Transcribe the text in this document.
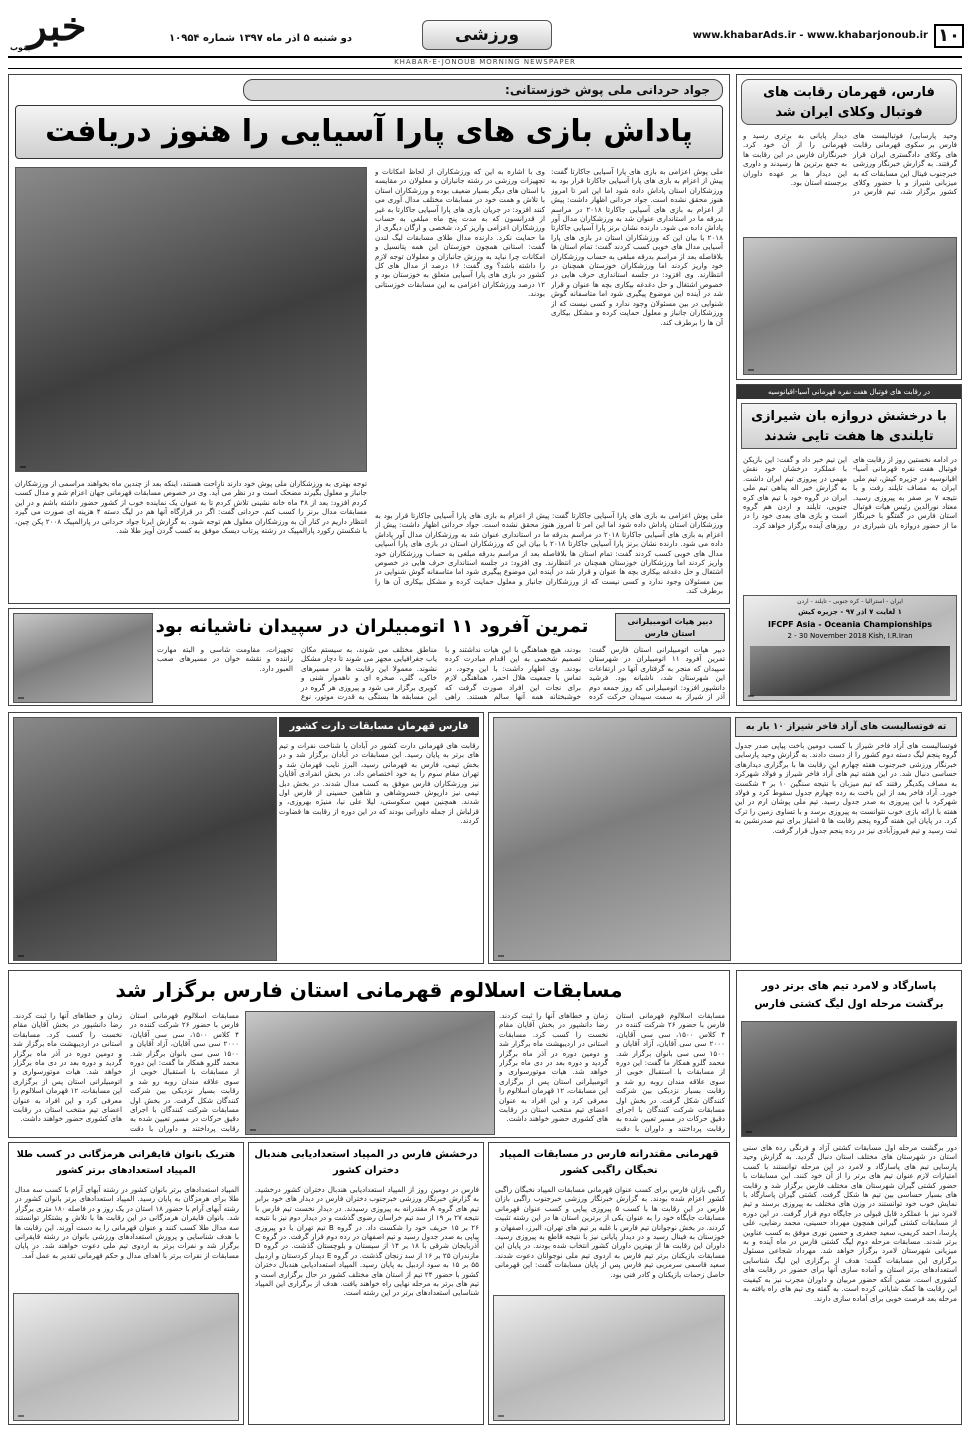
۱۰
www.khabarAds.ir - www.khabarjonoub.ir
ورزشی
دو شنبه ۵ آذر ماه ۱۳۹۷ شماره ۱۰۹۵۴
خبر
جنوب
KHABAR-E-JONOUB MORNING NEWSPAPER
جواد حردانی ملی پوش خوزستانی:
پاداش بازی های پارا آسیایی را هنوز دریافت
ملی پوش اعزامی به بازی های پارا آسیایی جاکارتا گفت: پیش از اعزام به بازی های پارا آسیایی جاکارتا قرار بود به ورزشکاران استان پاداش داده شود اما این امر تا امروز هنوز محقق نشده است. جواد حردانی اظهار داشت: پیش از اعزام به بازی های آسیایی جاکارتا ۲۰۱۸ در مراسم بدرقه ما در استانداری عنوان شد به ورزشکاران مدال آور پاداش داده می شود. دارنده نشان برنز پارا آسیایی جاکارتا ۲۰۱۸ با بیان این که ورزشکاران استان در بازی های پارا آسیایی مدال های خوبی کسب کردند گفت: تمام استان ها بلافاصله بعد از مراسم بدرقه مبلغی به حساب ورزشکاران خود واریز کردند اما ورزشکاران خوزستان همچنان در انتظارند. وی افزود: در جلسه استانداری حرف هایی در خصوص اشتغال و حل دغدغه بیکاری بچه ها عنوان و قرار شد در آینده این موضوع پیگیری شود اما متاسفانه گوش شنوایی در بین مسئولان وجود ندارد و کسی نیست که از ورزشکاران جانباز و معلول حمایت کرده و مشکل بیکاری آن ها را برطرف کند.
وی با اشاره به این که ورزشکاران از لحاظ امکانات و تجهیزات ورزشی در رشته جانبازان و معلولان در مقایسه با استان های دیگر بسیار ضعیف بوده و ورزشکاران استان با تلاش و همت خود در مسابقات مختلف مدال آوری می کنند افزود: در جریان بازی های پارا آسیایی جاکارتا به غیر از قدرانسون که به مدت پنج ماه مبلغی به حساب ورزشکاران اعزامی واریز کرد، شخصی و ارگان دیگری از ما حمایت نکرد. دارنده مدال طلای مسابقات لیگ لندن گفت: استانی همچون خوزستان این همه پتانسیل و امکانات چرا نباید به ورزش جانبازان و معلولان توجه لازم را داشته باشد؟ وی گفت: ۱۶ درصد از مدال های کل کشور در بازی های پارا آسیایی متعلق به خوزستان بود و ۱۲ درصد ورزشکاران اعزامی به این مسابقات خوزستانی بودند.
توجه بهتری به ورزشکاران ملی پوش خود دارند ناراحت هستند، اینکه بعد از چندین ماه بخواهند مراسمی از ورزشکاران جانباز و معلول بگیرند مضحک است و در نظر می آید. وی در خصوص مسابقات قهرمانی جهان اعزام شم و مدال کسب کردم افزود: بعد از ۴۸ ماه خانه نشینی تلاش کردم تا به عنوان یک نماینده خوب از کشور حضور داشته باشم و در این مسابقات مدال برنز را کسب کنم. حردانی گفت: اگر در قرارگاه آنها هم در لیگ دسته ۴ هزینه ای صورت می گیرد انتظار داریم در کنار آن به ورزشکاران معلول هم توجه شود. به گزارش ایرنا جواد حردانی در پارالمپیک ۲۰۰۸ پکن چین، با شکستن رکورد پارالمپیک در رشته پرتاب دیسک موفق به کسب گردن آویز طلا شد.
ملی پوش اعزامی به بازی های پارا آسیایی جاکارتا گفت: پیش از اعزام به بازی های پارا آسیایی جاکارتا قرار بود به ورزشکاران استان پاداش داده شود اما این امر تا امروز هنوز محقق نشده است. جواد حردانی اظهار داشت: پیش از اعزام به بازی های آسیایی جاکارتا ۲۰۱۸ در مراسم بدرقه ما در استانداری عنوان شد به ورزشکاران مدال آور پاداش داده می شود. دارنده نشان برنز پارا آسیایی جاکارتا ۲۰۱۸ با بیان این که ورزشکاران استان در بازی های پارا آسیایی مدال های خوبی کسب کردند گفت: تمام استان ها بلافاصله بعد از مراسم بدرقه مبلغی به حساب ورزشکاران خود واریز کردند اما ورزشکاران خوزستان همچنان در انتظارند. وی افزود: در جلسه استانداری حرف هایی در خصوص اشتغال و حل دغدغه بیکاری بچه ها عنوان و قرار شد در آینده این موضوع پیگیری شود اما متاسفانه گوش شنوایی در بین مسئولان وجود ندارد و کسی نیست که از ورزشکاران جانباز و معلول حمایت کرده و مشکل بیکاری آن ها را برطرف کند.
فارس، قهرمان رقابت های فوتبال وکلای ایران شد
وحید پارسایی/ فوتبالیست های فارس بر سکوی قهرمانی رقابت های وکلای دادگستری ایران قرار گرفتند. به گزارش خبرنگار ورزشی خبرجنوب فینال این مسابقات که به میزبانی شیراز و با حضور وکلای کشور برگزار شد، تیم فارس در دیدار پایانی به برتری رسید و قهرمانی را از آن خود کرد. خبرنگاران فارس در این رقابت ها به جمع برترین ها رسیدند و داوری این دیدار ها بر عهده داوران برجسته استان بود.
در رقابت های فوتبال هفت نفره قهرمانی آسیا-اقیانوسیه
با درخشش دروازه بان شیرازی تایلندی ها هفت تایی شدند
در ادامه نخستین روز از رقابت های فوتبال هفت نفره قهرمانی آسیا-اقیانوسیه در جزیره کیش، تیم ملی ایران به مصاف تایلند رفت و با نتیجه ۷ بر صفر به پیروزی رسید. معتاد نورالدین رئیس هیات فوتبال استان فارس در گفتگو با خبرنگار ما از حضور دروازه بان شیرازی در این تیم خبر داد و گفت: این بازیکن با عملکرد درخشان خود نقش مهمی در پیروزی تیم ایران داشت. به گزارش خبر اله پناهی تیم ملی ایران در گروه خود با تیم های کره جنوبی، تایلند و اردن هم گروه است و بازی های بعدی خود را در روزهای آینده برگزار خواهد کرد.
ایران - استرالیا - کره جنوبی - تایلند - اردن
۱ لغایت ۷ آذر ۹۷ - جزیره کیش
IFCPF Asia - Oceania Championships
2 - 30 November 2018 Kish, I.R.Iran
دبیر هیات اتومبیلرانی استان فارس
تمرین آفرود ۱۱ اتومبیلران در سپیدان ناشیانه بود
دبیر هیات اتومبیلرانی استان فارس گفت: تمرین آفرود ۱۱ اتومبیلران در شهرستان سپیدان که منجر به گرفتاری آنها در ارتفاعات این شهرستان شد، ناشیانه بود. فرشید دانشپور افزود: اتومبیلرانی که روز جمعه دوم آذر از شیراز به سمت سپیدان حرکت کرده بودند، هیچ هماهنگی با این هیات نداشتند و با تصمیم شخصی به این اقدام مبادرت کرده بودند. وی اظهار داشت: با این وجود، در تماس با جمعیت هلال احمر، هماهنگی لازم برای نجات این افراد صورت گرفت که خوشبختانه همه آنها سالم هستند. راهی مناطق مختلف می شوند، به سیستم مکان یاب جغرافیایی مجهز می شوند تا دچار مشکل نشوند. معمولا این رقابت ها در مسیرهای خاکی، گلی، صخره ای و ناهموار شنی و کویری برگزار می شود و پیروزی هر گروه در این مسابقه ها بستگی به قدرت موتور، نوع تجهیزات، مقاومت شاسی و البته مهارت راننده و نقشه خوان در مسیرهای صعب العبور دارد.
فارس قهرمان مسابقات دارت کشور
رقابت های قهرمانی دارت کشور در آبادان با شناخت نفرات و تیم های برتر به پایان رسید. این مسابقات در آبادان برگزار شد و در بخش تیمی، فارس به قهرمانی رسید، البرز نایب قهرمان شد و تهران مقام سوم را به خود اختصاص داد. در بخش انفرادی آقایان نیز ورزشکاران فارس موفق به کسب مدال شدند. در بخش دبل تیمی نیز داریوش خسروشاهی و شاهین حسینی از فارس اول شدند. همچنین مهین سکوستی، لیلا علی نیا، منیژه بهروزی، و قزلباش از جمله داورانی بودند که در این دوره از رقابت ها قضاوت کردند.
ته فوتسالیست های آراد فاخر شیراز ۱۰ بار به
فوتسالیست های آراد فاخر شیراز با کسب دومین باخت پیاپی صدر جدول گروه پنجم لیگ دسته دوم کشور را از دست دادند. به گزارش وحید پارسایی خبرنگار ورزشی خبرجنوب هفته چهارم این رقابت ها با برگزاری دیدارهای حساسی دنبال شد. در این هفته تیم های آراد فاخر شیراز و فولاد شهرکرد به مصاف یکدیگر رفتند که تیم میزبان با نتیجه سنگین ۱۰ بر ۴ شکست خورد. آراد فاخر بعد از این باخت به رده چهارم جدول سقوط کرد و فولاد شهرکرد با این پیروزی به صدر جدول رسید. تیم ملی پوشان ارم در این هفته با ارائه بازی خوب نتوانست به پیروزی برسد و با تساوی زمین را ترک کرد. در پایان این هفته گروه پنجم رقابت ها ۵ امتیاز برای تیم صدرنشین به ثبت رسید و تیم فیروزآبادی نیز در رده پنجم جدول قرار گرفت.
مسابقات اسلالوم قهرمانی استان فارس برگزار شد
مسابقات اسلالوم قهرمانی استان فارس با حضور ۲۶ شرکت کننده در ۴ کلاس ۱۵۰۰، سی سی آقایان، ۲۰۰۰ سی سی آقایان، آزاد آقایان و ۱۵۰۰ سی سی بانوان برگزار شد. محمد گلرو همکار ما گفت: این دوره از مسابقات با استقبال خوبی از سوی علاقه مندان روبه رو شد و رقابت بسیار نزدیکی بین شرکت کنندگان شکل گرفت. در بخش اول مسابقات شرکت کنندگان با اجرای دقیق حرکات در مسیر تعیین شده به رقابت پرداختند و داوران با دقت زمان و خطاهای آنها را ثبت کردند. رضا دانشپور در بخش آقایان مقام نخست را کسب کرد. مسابقات استانی در اردیبهشت ماه برگزار شد و دومین دوره در آذر ماه برگزار گردید و دوره بعد در دی ماه برگزار خواهد شد. هیات موتورسواری و اتومبیلرانی استان پس از برگزاری این مسابقات، ۱۲ قهرمان اسلالوم را معرفی کرد و این افراد به عنوان اعضای تیم منتخب استان در رقابت های کشوری حضور خواهند داشت.
مسابقات اسلالوم قهرمانی استان فارس با حضور ۲۶ شرکت کننده در ۴ کلاس ۱۵۰۰، سی سی آقایان، ۲۰۰۰ سی سی آقایان، آزاد آقایان و ۱۵۰۰ سی سی بانوان برگزار شد. محمد گلرو همکار ما گفت: این دوره از مسابقات با استقبال خوبی از سوی علاقه مندان روبه رو شد و رقابت بسیار نزدیکی بین شرکت کنندگان شکل گرفت. در بخش اول مسابقات شرکت کنندگان با اجرای دقیق حرکات در مسیر تعیین شده به رقابت پرداختند و داوران با دقت زمان و خطاهای آنها را ثبت کردند. رضا دانشپور در بخش آقایان مقام نخست را کسب کرد. مسابقات استانی در اردیبهشت ماه برگزار شد و دومین دوره در آذر ماه برگزار گردید و دوره بعد در دی ماه برگزار خواهد شد. هیات موتورسواری و اتومبیلرانی استان پس از برگزاری این مسابقات، ۱۲ قهرمان اسلالوم را معرفی کرد و این افراد به عنوان اعضای تیم منتخب استان در رقابت های کشوری حضور خواهند داشت.
پاسارگاد و لامرد تیم های برتر دور برگشت مرحله اول لیگ کشتی فارس
دور برگشت مرحله اول مسابقات کشتی آزاد و فرنگی رده های سنی استان در شهرستان های مختلف استان دنبال گردید. به گزارش وحید پارسایی تیم های پاسارگاد و لامرد در این مرحله توانستند با کسب امتیازات لازم عنوان تیم های برتر را از آن خود کنند. این مسابقات با حضور کشتی گیران شهرستان های مختلف فارس برگزار شد و رقابت های بسیار حساسی بین تیم ها شکل گرفت. کشتی گیران پاسارگاد با نمایش خوب خود توانستند در وزن های مختلف به پیروزی برسند و تیم لامرد نیز با عملکرد قابل قبولی در جایگاه دوم قرار گرفت. در این دوره از مسابقات کشتی گیرانی همچون مهرداد حسینی، محمد رضایی، علی پارسا، احمد کریمی، سعید جعفری و حسین نوری موفق به کسب عناوین برتر شدند. مسابقات مرحله دوم لیگ کشتی فارس در ماه آینده و به میزبانی شهرستان لامرد برگزار خواهد شد. مهرداد شجاعی مسئول برگزاری این مسابقات گفت: هدف از برگزاری این لیگ شناسایی استعدادهای برتر استان و آماده سازی آنها برای حضور در رقابت های کشوری است. ضمن آنکه حضور مربیان و داوران مجرب نیز به کیفیت این رقابت ها کمک شایانی کرده است. به گفته وی تیم های راه یافته به مرحله بعد فرصت خوبی برای آماده سازی دارند.
قهرمانی مقتدرانه فارس در مسابقات المپیاد نخبگان راگبی کشور
راگبی بازان فارس برای کسب عنوان قهرمانی مسابقات المپیاد نخبگان راگبی کشور اعزام شده بودند. به گزارش خبرنگار ورزشی خبرجنوب راگبی بازان فارس در این رقابت ها با کسب ۵ پیروزی پیاپی و کسب عنوان قهرمانی مسابقات جایگاه خود را به عنوان یکی از برترین استان ها در این رشته تثبیت کردند. در بخش نوجوانان تیم فارس با غلبه بر تیم های تهران، البرز، اصفهان و خوزستان به فینال رسید و در دیدار پایانی نیز با نتیجه قاطع به پیروزی رسید. داوران این رقابت ها از بهترین داوران کشور انتخاب شده بودند. در پایان این مسابقات بازیکنان برتر تیم فارس به اردوی تیم ملی نوجوانان دعوت شدند. سعید قاسمی سرمربی تیم فارس پس از پایان مسابقات گفت: این قهرمانی حاصل زحمات بازیکنان و کادر فنی بود.
درخشش فارس در المپیاد استعدادیابی هندبال دختران کشور
فارس در دومین روز از المپیاد استعدادیابی هندبال دختران کشور درخشید. به گزارش خبرنگار ورزشی خبرجنوب دختران فارس در دیدار های خود برابر تیم های گروه A مقتدرانه به پیروزی رسیدند. در دیدار نخست تیم فارس با نتیجه ۲۷ بر ۱۹ از سد تیم خراسان رضوی گذشت و در دیدار دوم نیز با نتیجه ۲۶ بر ۱۵ حریف خود را شکست داد. در گروه B تیم تهران با دو پیروزی پیاپی به صدر جدول رسید و تیم اصفهان در رده دوم قرار گرفت. در گروه C آذربایجان شرقی با ۱۸ بر ۱۴ از سیستان و بلوچستان گذشت. در گروه D مازندران ۲۵ بر ۱۶ از سد زنجان گذشت. در گروه E دیدار کردستان و اردبیل ۵۵ بر ۱۵ به سود اردبیل به پایان رسید. المپیاد استعدادیابی هندبال دختران کشور با حضور ۲۴ تیم از استان های مختلف کشور در حال برگزاری است و تیم های برتر به مرحله نهایی راه خواهند یافت. هدف از برگزاری این المپیاد شناسایی استعدادهای برتر در این رشته است.
هتریک بانوان قایقرانی هرمزگانی در کسب طلا المپیاد استعدادهای برتر کشور
المپیاد استعدادهای برتر بانوان کشور در رشته آبهای آرام با کسب سه مدال طلا برای هرمزگان به پایان رسید. المپیاد استعدادهای برتر بانوان کشور در رشته آبهای آرام با حضور ۱۸ استان در یک روز و در فاصله ۱۸۰ متری برگزار شد. بانوان قایقران هرمزگانی در این رقابت ها با تلاش و پشتکار توانستند سه مدال طلا کسب کنند و عنوان قهرمانی را به دست آورند. این رقابت ها با هدف شناسایی و پرورش استعدادهای ورزشی بانوان در رشته قایقرانی برگزار شد و نفرات برتر به اردوی تیم ملی دعوت خواهند شد. در پایان مسابقات از نفرات برتر با اهدای مدال و حکم قهرمانی تقدیر به عمل آمد.
